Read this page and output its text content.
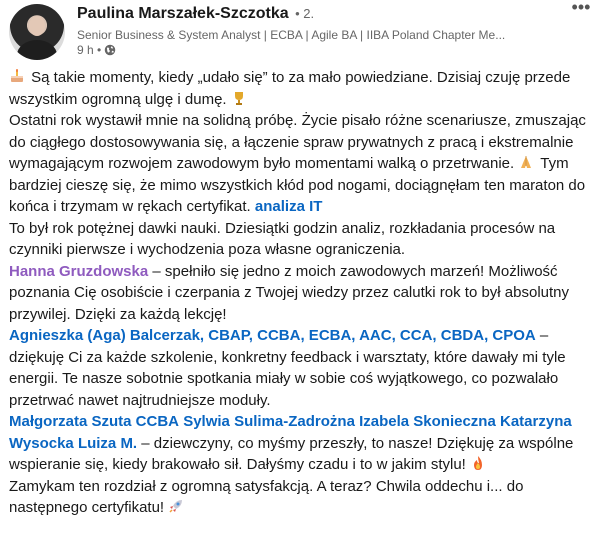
Paulina Marszałek-Szczotka • 2.
Senior Business & System Analyst | ECBA | Agile BA | IIBA Poland Chapter Me...
9 h •
•••

Są takie momenty, kiedy „udało się” to za mało powiedziane. Dzisiaj czuję przede wszystkim ogromną ulgę i dumę.

Ostatni rok wystawił mnie na solidną próbę. Życie pisało różne scenariusze, zmuszając do ciągłego dostosowywania się, a łączenie spraw prywatnych z pracą i ekstremalnie wymagającym rozwojem zawodowym było momentami walką o przetrwanie. Tym bardziej cieszę się, że mimo wszystkich kłód pod nogami, dociągnęłam ten maraton do końca i trzymam w rękach certyfikat. analiza IT

To był rok potężnej dawki nauki. Dziesiątki godzin analiz, rozkładania procesów na czynniki pierwsze i wychodzenia poza własne ograniczenia.

Hanna Gruzdowska – spełniło się jedno z moich zawodowych marzeń! Możliwość poznania Cię osobiście i czerpania z Twojej wiedzy przez calutki rok to był absolutny przywilej. Dzięki za każdą lekcję!

Agnieszka (Aga) Balcerzak, CBAP, CCBA, ECBA, AAC, CCA, CBDA, CPOA – dziękuję Ci za każde szkolenie, konkretny feedback i warsztaty, które dawały mi tyle energii. Te nasze sobotnie spotkania miały w sobie coś wyjątkowego, co pozwalało przetrwać nawet najtrudniejsze moduły.

Małgorzata Szuta CCBA Sylwia Sulima-Zadrożna Izabela Skonieczna Katarzyna Wysocka Luiza M. – dziewczyny, co myśmy przeszły, to nasze! Dziękuję za wspólne wspieranie się, kiedy brakowało sił. Dałyśmy czadu i to w jakim stylu!

Zamykam ten rozdział z ogromną satysfakcją. A teraz? Chwila oddechu i... do następnego certyfikatu!
